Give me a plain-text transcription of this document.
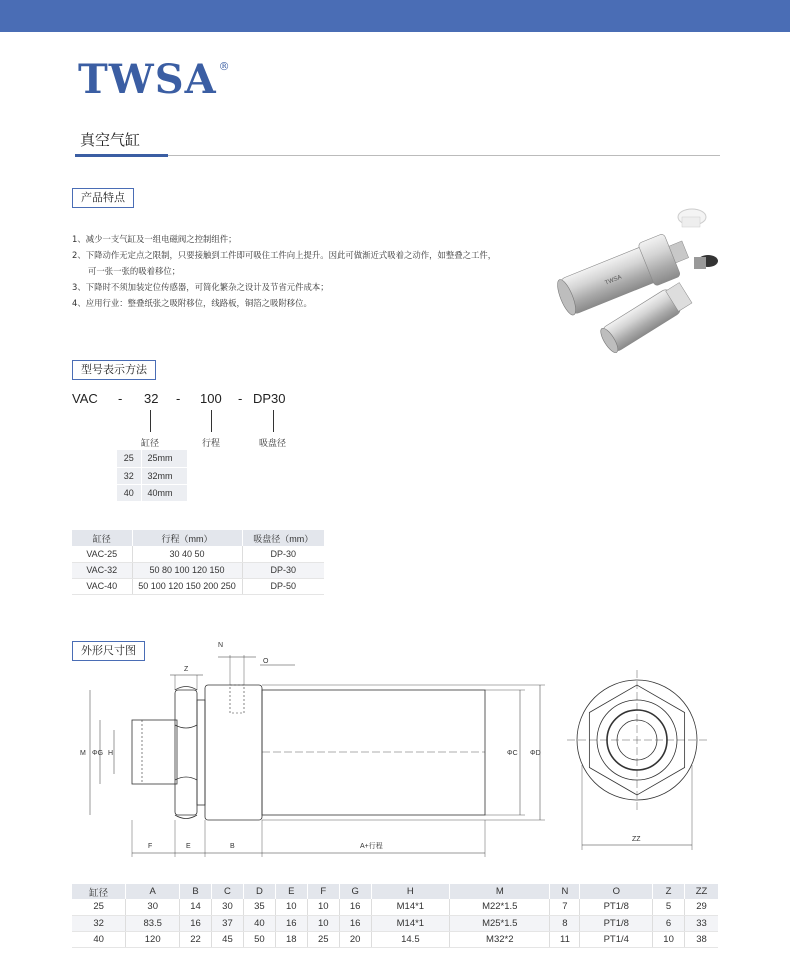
TWSA ®
真空气缸
产品特点
1、减少一支气缸及一组电磁阀之控制组件；
2、下降动作无定点之限制，只要接触到工件即可吸住工件向上提升。因此可做渐近式吸着之动作，如整叠之工件，
可一张一张的吸着移位；
3、下降时不须加装定位传感器，可简化繁杂之设计及节省元件成本；
4、应用行业：整叠纸张之吸附移位，线路板，铜箔之吸附移位。
TWSA
型号表示方法
VAC - 32 - 100 - DP30
缸径	行程	吸盘径
25	25mm
32	32mm
40	40mm
缸径	行程（mm）	吸盘径（mm）
VAC-25	30 40 50	DP-30
VAC-32	50 80 100 120 150	DP-30
VAC-40	50 100 120 150 200 250	DP-50
外形尺寸图	N
O
Z
M ΦG H	ΦC ΦD
F	E	B	A+行程
ZZ
缸径	A	B	C	D	E	F	G	H	M	N	O	Z	ZZ
25	30	14	30	35	10	10	16	M14*1	M22*1.5	7	PT1/8	5	29
32	83.5	16	37	40	16	10	16	M14*1	M25*1.5	8	PT1/8	6	33
40	120	22	45	50	18	25	20	14.5	M32*2	11	PT1/4	10	38
